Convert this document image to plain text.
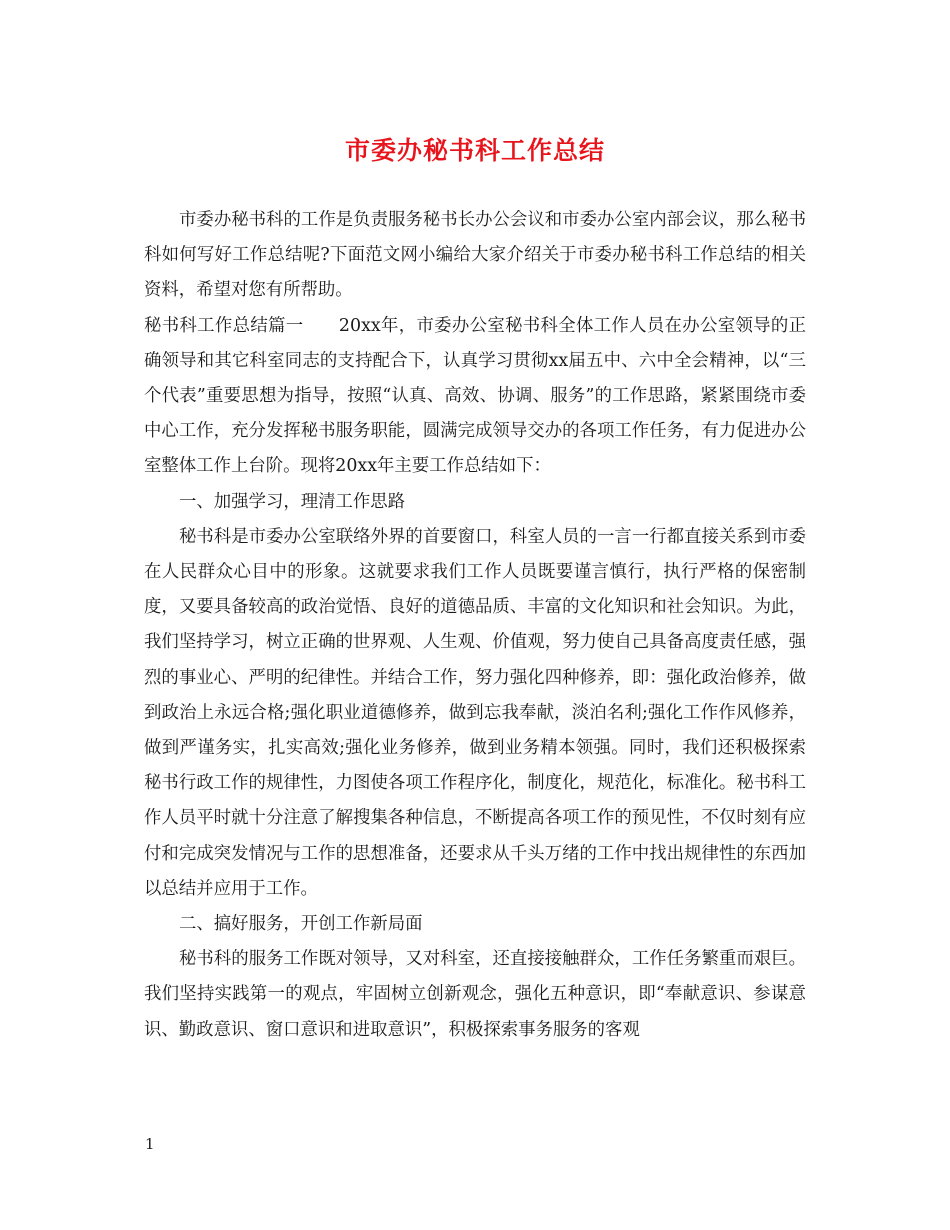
市委办秘书科工作总结

市委办秘书科的工作是负责服务秘书长办公会议和市委办公室内部会议，那么秘书科如何写好工作总结呢?下面范文网小编给大家介绍关于市委办秘书科工作总结的相关资料，希望对您有所帮助。

秘书科工作总结篇一　　20xx年，市委办公室秘书科全体工作人员在办公室领导的正确领导和其它科室同志的支持配合下，认真学习贯彻xx届五中、六中全会精神，以“三个代表”重要思想为指导，按照“认真、高效、协调、服务”的工作思路，紧紧围绕市委中心工作，充分发挥秘书服务职能，圆满完成领导交办的各项工作任务，有力促进办公室整体工作上台阶。现将20xx年主要工作总结如下：

一、加强学习，理清工作思路

秘书科是市委办公室联络外界的首要窗口，科室人员的一言一行都直接关系到市委在人民群众心目中的形象。这就要求我们工作人员既要谨言慎行，执行严格的保密制度，又要具备较高的政治觉悟、良好的道德品质、丰富的文化知识和社会知识。为此，我们坚持学习，树立正确的世界观、人生观、价值观，努力使自己具备高度责任感，强烈的事业心、严明的纪律性。并结合工作，努力强化四种修养，即：强化政治修养，做到政治上永远合格;强化职业道德修养，做到忘我奉献，淡泊名利;强化工作作风修养，做到严谨务实，扎实高效;强化业务修养，做到业务精本领强。同时，我们还积极探索秘书行政工作的规律性，力图使各项工作程序化，制度化，规范化，标准化。秘书科工作人员平时就十分注意了解搜集各种信息，不断提高各项工作的预见性，不仅时刻有应付和完成突发情况与工作的思想准备，还要求从千头万绪的工作中找出规律性的东西加以总结并应用于工作。

二、搞好服务，开创工作新局面

秘书科的服务工作既对领导，又对科室，还直接接触群众，工作任务繁重而艰巨。我们坚持实践第一的观点，牢固树立创新观念，强化五种意识，即“奉献意识、参谋意识、勤政意识、窗口意识和进取意识”，积极探索事务服务的客观

1
